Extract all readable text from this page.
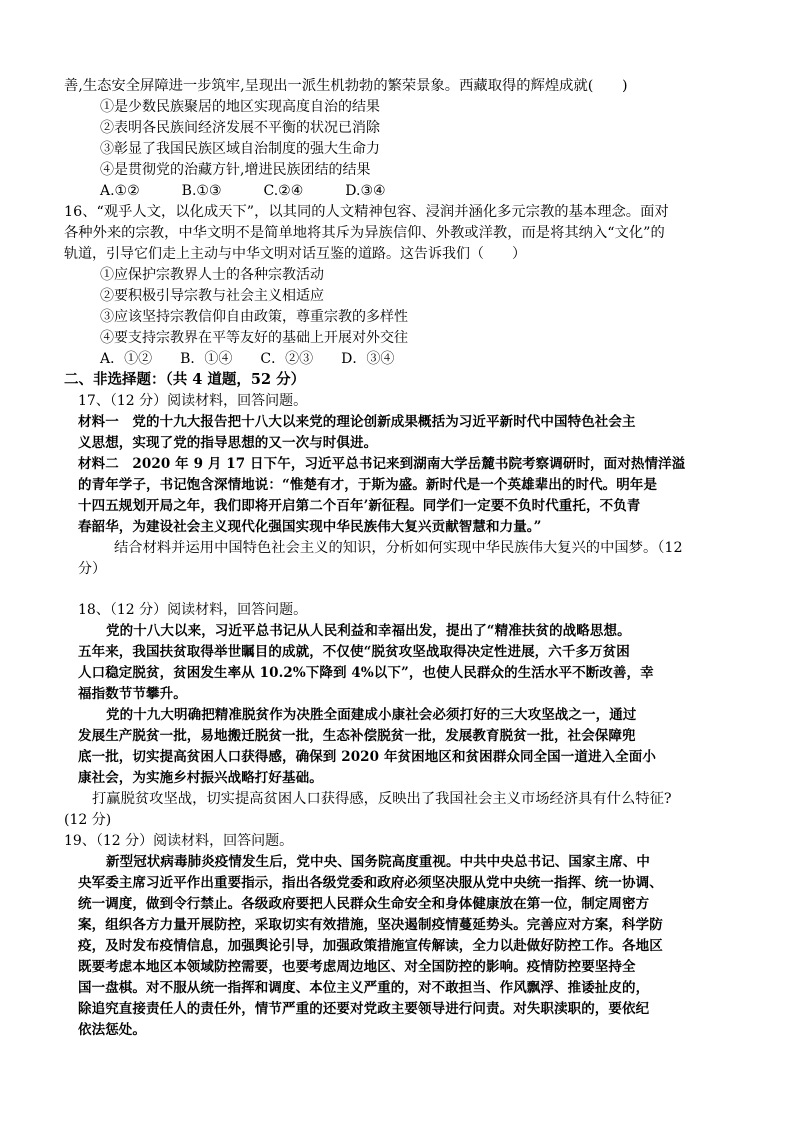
善,生态安全屏障进一步筑牢,呈现出一派生机勃勃的繁荣景象。西藏取得的辉煌成就(　　)
①是少数民族聚居的地区实现高度自治的结果
②表明各民族间经济发展不平衡的状况已消除
③彰显了我国民族区域自治制度的强大生命力
④是贯彻党的治藏方针,增进民族团结的结果
A.①②　　　B.①③　　　C.②④　　　D.③④
16、“观乎人文，以化成天下”，以其同的人文精神包容、浸润并涵化多元宗教的基本理念。面对
各种外来的宗教，中华文明不是简单地将其斥为异族信仰、外教或洋教，而是将其纳入“文化”的
轨道，引导它们走上主动与中华文明对话互鉴的道路。这告诉我们（　　）
①应保护宗教界人士的各种宗教活动
②要积极引导宗教与社会主义相适应
③应该坚持宗教信仰自由政策，尊重宗教的多样性
④要支持宗教界在平等友好的基础上开展对外交往
A．①②　　B．①④　　C．②③　　D．③④
二、非选择题：（共 4 道题，52 分）
17、（12 分）阅读材料，回答问题。
材料一　党的十九大报告把十八大以来党的理论创新成果概括为习近平新时代中国特色社会主
义思想，实现了党的指导思想的又一次与时俱进。
材料二　2020 年 9 月 17 日下午，习近平总书记来到湖南大学岳麓书院考察调研时，面对热情洋溢
的青年学子，书记饱含深情地说：“惟楚有才，于斯为盛。新时代是一个英雄辈出的时代。明年是
十四五规划开局之年，我们即将开启第二个百年’新征程。同学们一定要不负时代重托，不负青
春韶华，为建设社会主义现代化强国实现中华民族伟大复兴贡献智慧和力量。”
结合材料并运用中国特色社会主义的知识，分析如何实现中华民族伟大复兴的中国梦。（12
分）
18、（12 分）阅读材料，回答问题。
党的十八大以来，习近平总书记从人民利益和幸福出发，提出了“精准扶贫的战略思想。
五年来，我国扶贫取得举世瞩目的成就，不仅使“脱贫攻坚战取得决定性进展，六千多万贫困
人口稳定脱贫，贫困发生率从 10.2%下降到 4%以下”，也使人民群众的生活水平不断改善，幸
福指数节节攀升。
党的十九大明确把精准脱贫作为决胜全面建成小康社会必须打好的三大攻坚战之一，通过
发展生产脱贫一批，易地搬迁脱贫一批，生态补偿脱贫一批，发展教育脱贫一批，社会保障兜
底一批，切实提高贫困人口获得感，确保到 2020 年贫困地区和贫困群众同全国一道进入全面小
康社会，为实施乡村振兴战略打好基础。
打赢脱贫攻坚战，切实提高贫困人口获得感，反映出了我国社会主义市场经济具有什么特征?
(12 分)
19、（12 分）阅读材料，回答问题。
新型冠状病毒肺炎疫情发生后，党中央、国务院高度重视。中共中央总书记、国家主席、中
央军委主席习近平作出重要指示，指出各级党委和政府必须坚决服从党中央统一指挥、统一协调、
统一调度，做到令行禁止。各级政府要把人民群众生命安全和身体健康放在第一位，制定周密方
案，组织各方力量开展防控，采取切实有效措施，坚决遏制疫情蔓延势头。完善应对方案，科学防
疫，及时发布疫情信息，加强舆论引导，加强政策措施宣传解读，全力以赴做好防控工作。各地区
既要考虑本地区本领域防控需要，也要考虑周边地区、对全国防控的影响。疫情防控要坚持全
国一盘棋。对不服从统一指挥和调度、本位主义严重的，对不敢担当、作风飘浮、推诿扯皮的，
除追究直接责任人的责任外，情节严重的还要对党政主要领导进行问责。对失职渎职的，要依纪
依法惩处。
